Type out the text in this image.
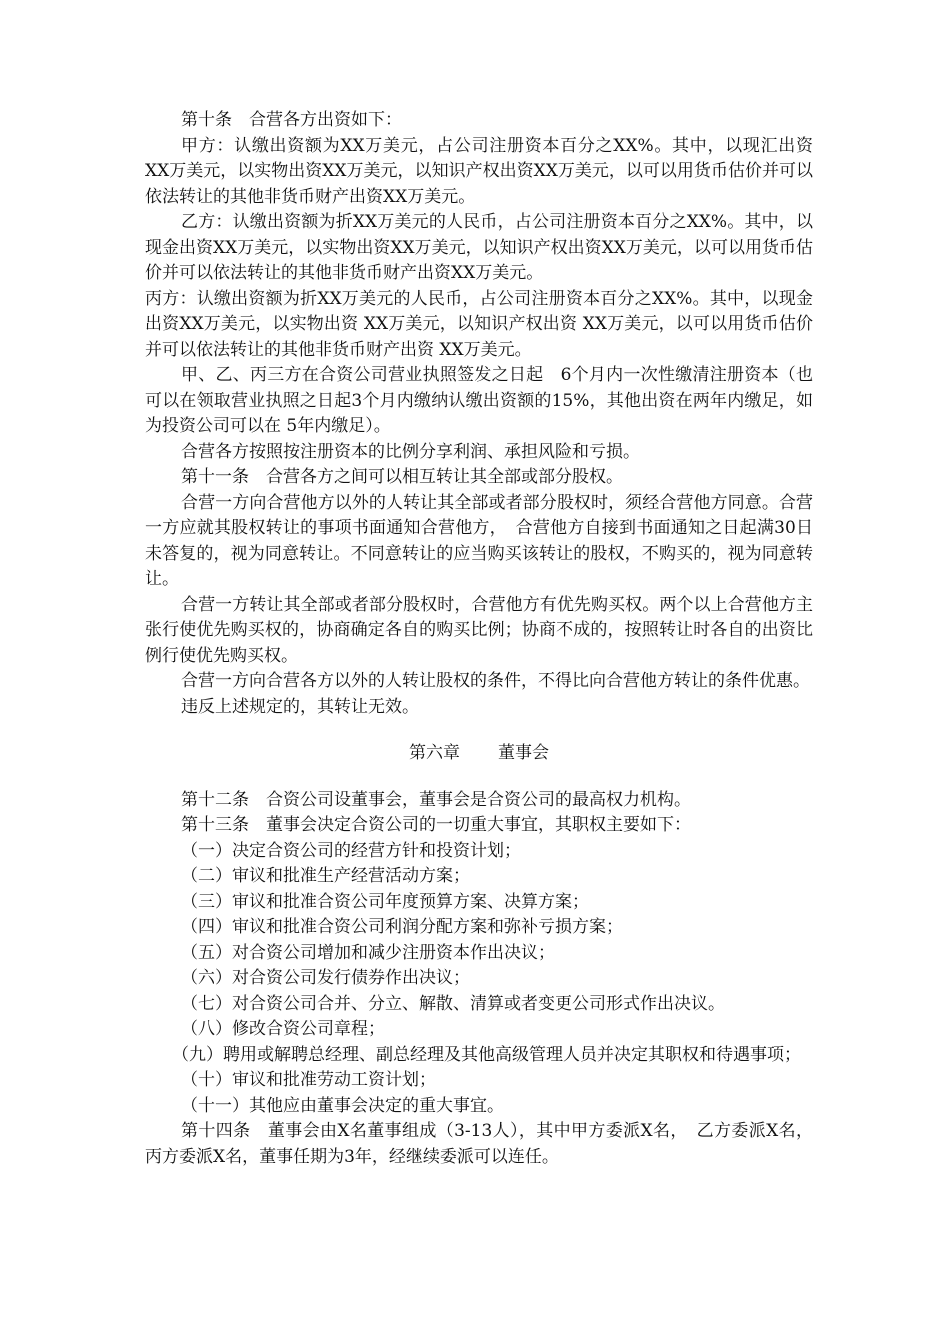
第十条　合营各方出资如下：

甲方：认缴出资额为XX万美元，占公司注册资本百分之XX%。其中，以现汇出资XX万美元，以实物出资XX万美元，以知识产权出资XX万美元，以可以用货币估价并可以依法转让的其他非货币财产出资XX万美元。

乙方：认缴出资额为折XX万美元的人民币，占公司注册资本百分之XX%。其中，以现金出资XX万美元，以实物出资XX万美元，以知识产权出资XX万美元，以可以用货币估价并可以依法转让的其他非货币财产出资XX万美元。

丙方：认缴出资额为折XX万美元的人民币，占公司注册资本百分之XX%。其中，以现金出资XX万美元，以实物出资 XX万美元，以知识产权出资 XX万美元，以可以用货币估价并可以依法转让的其他非货币财产出资 XX万美元。

甲、乙、丙三方在合资公司营业执照签发之日起　6个月内一次性缴清注册资本（也可以在领取营业执照之日起3个月内缴纳认缴出资额的15%，其他出资在两年内缴足，如为投资公司可以在 5年内缴足）。

合营各方按照按注册资本的比例分享利润、承担风险和亏损。

第十一条　合营各方之间可以相互转让其全部或部分股权。

合营一方向合营他方以外的人转让其全部或者部分股权时，须经合营他方同意。合营一方应就其股权转让的事项书面通知合营他方，　合营他方自接到书面通知之日起满30日未答复的，视为同意转让。不同意转让的应当购买该转让的股权，不购买的，视为同意转让。

合营一方转让其全部或者部分股权时，合营他方有优先购买权。两个以上合营他方主张行使优先购买权的，协商确定各自的购买比例；协商不成的，按照转让时各自的出资比例行使优先购买权。

合营一方向合营各方以外的人转让股权的条件，不得比向合营他方转让的条件优惠。

违反上述规定的，其转让无效。

第六章 董事会

第十二条　合资公司设董事会，董事会是合资公司的最高权力机构。

第十三条　董事会决定合资公司的一切重大事宜，其职权主要如下：

（一）决定合资公司的经营方针和投资计划；

（二）审议和批准生产经营活动方案；

（三）审议和批准合资公司年度预算方案、决算方案；

（四）审议和批准合资公司利润分配方案和弥补亏损方案；

（五）对合资公司增加和减少注册资本作出决议；

（六）对合资公司发行债券作出决议；

（七）对合资公司合并、分立、解散、清算或者变更公司形式作出决议。

（八）修改合资公司章程；

（九）聘用或解聘总经理、副总经理及其他高级管理人员并决定其职权和待遇事项；

（十）审议和批准劳动工资计划；

（十一）其他应由董事会决定的重大事宜。

第十四条　董事会由X名董事组成（3-13人），其中甲方委派X名，　乙方委派X名，丙方委派X名，董事任期为3年，经继续委派可以连任。
